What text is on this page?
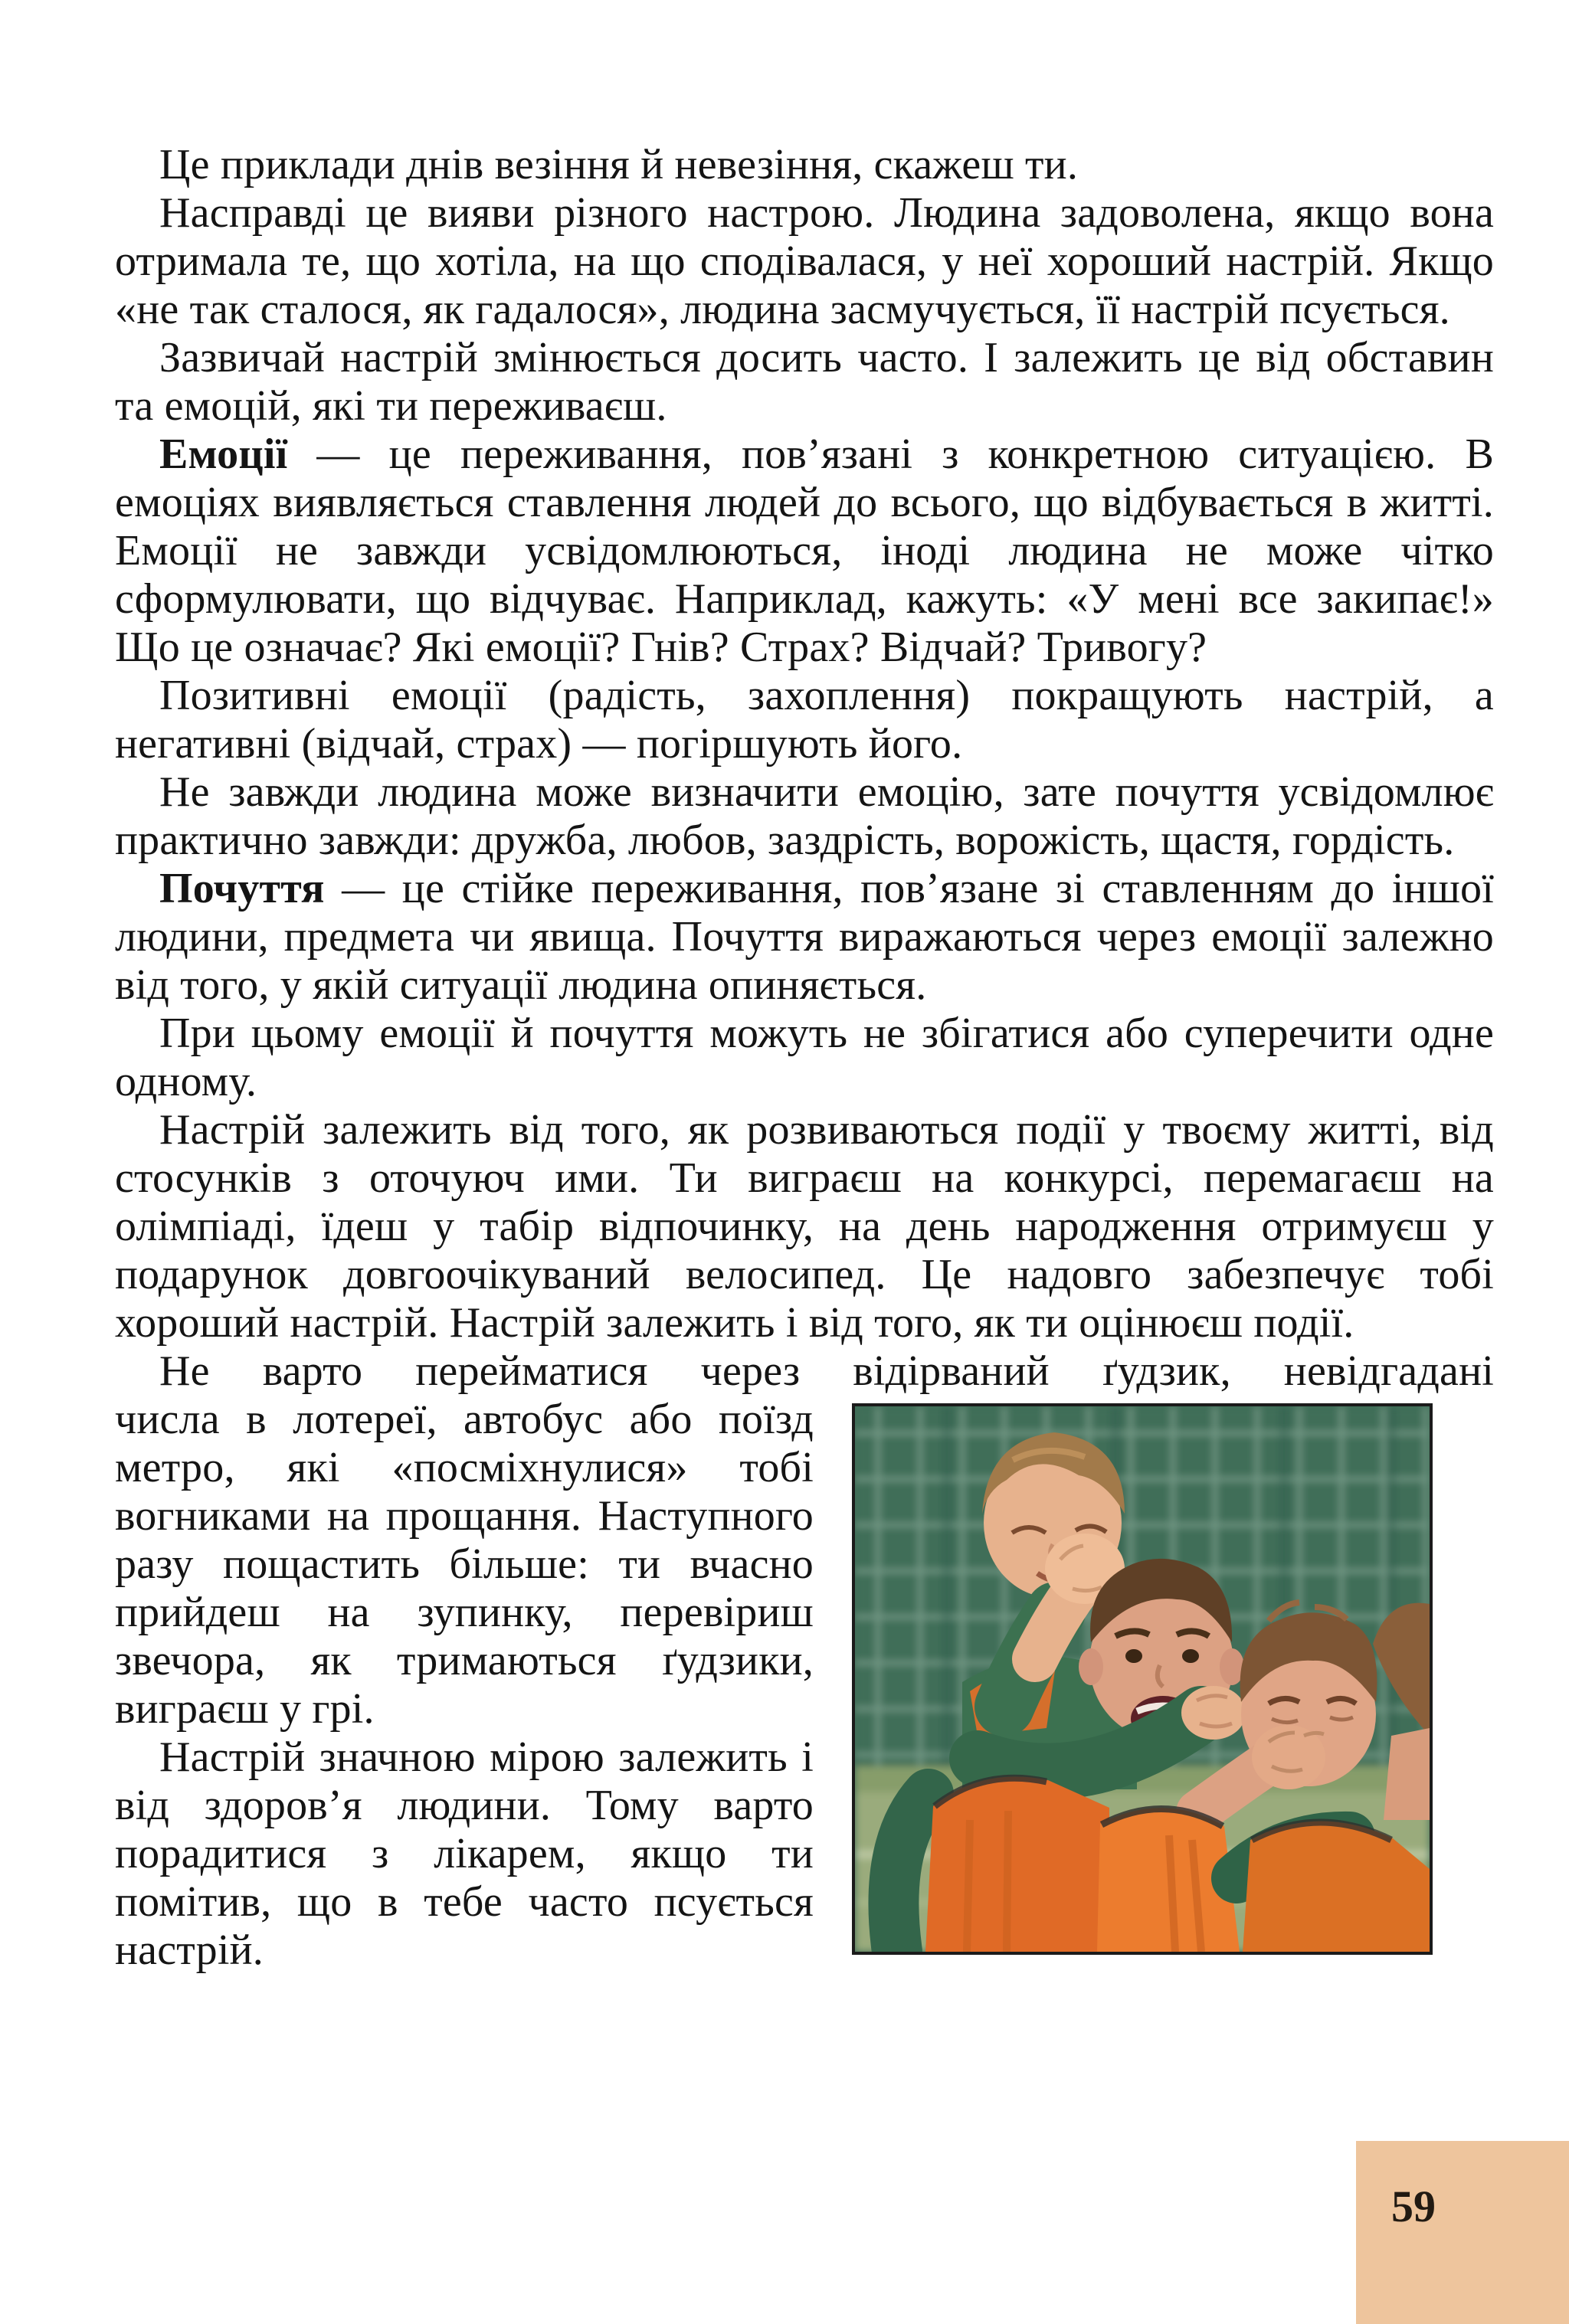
Це приклади днів везіння й невезіння, скажеш ти.

Насправді це вияви різного настрою. Людина задоволена, якщо вона отримала те, що хотіла, на що сподівалася, у неї хороший настрій. Якщо «не так сталося, як гадалося», людина засмучується, її настрій псується.

Зазвичай настрій змінюється досить часто. І залежить це від обставин та емоцій, які ти переживаєш.

Емоції — це переживання, пов’язані з конкретною ситуацією. В емоціях виявляється ставлення людей до всього, що відбувається в житті. Емоції не завжди усвідомлюються, іноді людина не може чітко сформулювати, що відчуває. Наприклад, кажуть: «У мені все закипає!» Що це означає? Які емоції? Гнів? Страх? Відчай? Тривогу?

Позитивні емоції (радість, захоплення) покращують настрій, а негативні (відчай, страх) — погіршують його.

Не завжди людина може визначити емоцію, зате почуття усвідомлює практично завжди: дружба, любов, заздрість, ворожість, щастя, гордість.

Почуття — це стійке переживання, пов’язане зі ставленням до іншої людини, предмета чи явища. Почуття виражаються через емоції залежно від того, у якій ситуації людина опиняється.

При цьому емоції й почуття можуть не збігатися або суперечити одне одному.

Настрій залежить від того, як розвиваються події у твоєму житті, від стосунків з оточуюч ими. Ти виграєш на конкурсі, перемагаєш на олімпіаді, їдеш у табір відпочинку, на день народження отримуєш у подарунок довгоочікуваний велосипед. Це надовго забезпечує тобі хороший настрій. Настрій залежить і від того, як ти оцінюєш події.

Не варто перейматися через відірваний ґудзик, невідгадані

числа в лотереї, автобус або поїзд метро, які «посміхнулися» тобі вогниками на прощання. Наступного разу пощастить більше: ти вчасно прийдеш на зупинку, перевіриш звечора, як тримаються ґудзики, виграєш у грі.

Настрій значною мірою залежить і від здоров’я людини. Тому варто порадитися з лікарем, якщо ти помітив, що в тебе часто псується настрій.

59
